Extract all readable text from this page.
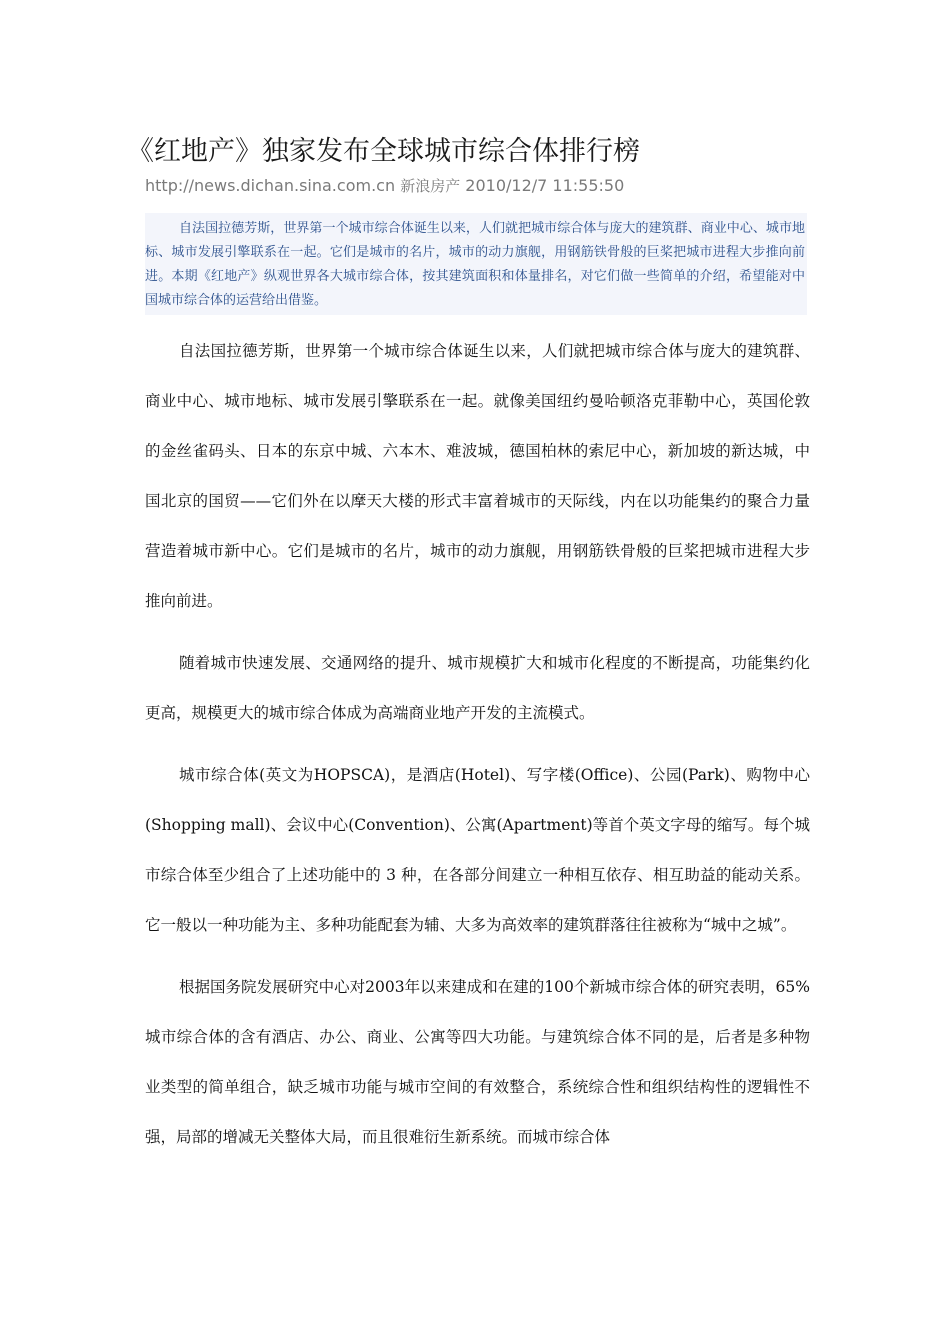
《红地产》独家发布全球城市综合体排行榜
http://news.dichan.sina.com.cn 新浪房产 2010/12/7 11:55:50
自法国拉德芳斯，世界第一个城市综合体诞生以来，人们就把城市综合体与庞大的建筑群、商业中心、城市地标、城市发展引擎联系在一起。它们是城市的名片，城市的动力旗舰，用钢筋铁骨般的巨桨把城市进程大步推向前进。本期《红地产》纵观世界各大城市综合体，按其建筑面积和体量排名，对它们做一些简单的介绍，希望能对中国城市综合体的运营给出借鉴。

自法国拉德芳斯，世界第一个城市综合体诞生以来，人们就把城市综合体与庞大的建筑群、商业中心、城市地标、城市发展引擎联系在一起。就像美国纽约曼哈顿洛克菲勒中心，英国伦敦的金丝雀码头、日本的东京中城、六本木、难波城，德国柏林的索尼中心，新加坡的新达城，中国北京的国贸——它们外在以摩天大楼的形式丰富着城市的天际线，内在以功能集约的聚合力量营造着城市新中心。它们是城市的名片，城市的动力旗舰，用钢筋铁骨般的巨桨把城市进程大步推向前进。

随着城市快速发展、交通网络的提升、城市规模扩大和城市化程度的不断提高，功能集约化更高，规模更大的城市综合体成为高端商业地产开发的主流模式。

城市综合体(英文为HOPSCA)，是酒店(Hotel)、写字楼(Office)、公园(Park)、购物中心(Shopping mall)、会议中心(Convention)、公寓(Apartment)等首个英文字母的缩写。每个城市综合体至少组合了上述功能中的 3 种，在各部分间建立一种相互依存、相互助益的能动关系。它一般以一种功能为主、多种功能配套为辅、大多为高效率的建筑群落往往被称为“城中之城”。

根据国务院发展研究中心对2003年以来建成和在建的100个新城市综合体的研究表明，65%城市综合体的含有酒店、办公、商业、公寓等四大功能。与建筑综合体不同的是，后者是多种物业类型的简单组合，缺乏城市功能与城市空间的有效整合，系统综合性和组织结构性的逻辑性不强，局部的增减无关整体大局，而且很难衍生新系统。而城市综合体
